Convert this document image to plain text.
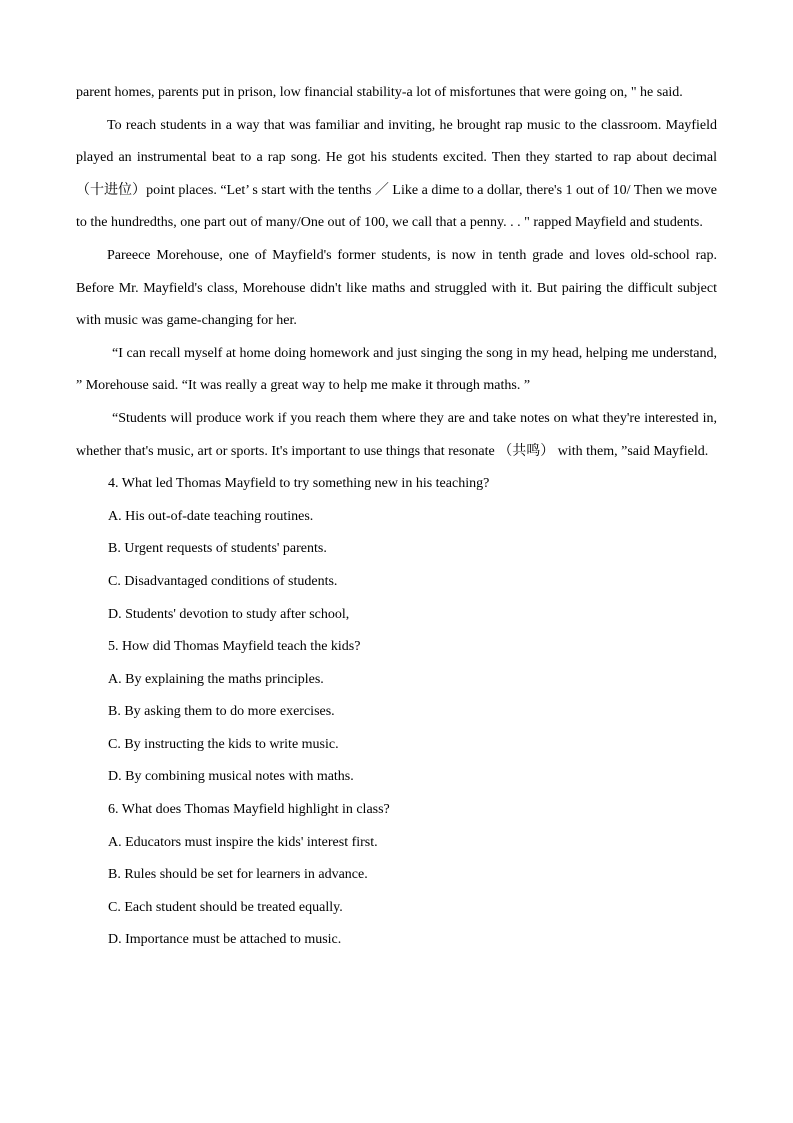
parent homes, parents put in prison, low financial stability-a lot of misfortunes that were going on, " he said.

To reach students in a way that was familiar and inviting, he brought rap music to the classroom. Mayfield played an instrumental beat to a rap song. He got his students excited. Then they started to rap about decimal （十进位）point places. “Let’ s start with the tenths ／ Like a dime to a dollar, there's 1 out of 10/ Then we move to the hundredths, one part out of many/One out of 100, we call that a penny. . . " rapped Mayfield and students.

Pareece Morehouse, one of Mayfield's former students, is now in tenth grade and loves old-school rap. Before Mr. Mayfield's class, Morehouse didn't like maths and struggled with it. But pairing the difficult subject with music was game-changing for her.

“I can recall myself at home doing homework and just singing the song in my head, helping me understand, ” Morehouse said. “It was really a great way to help me make it through maths. ”

“Students will produce work if you reach them where they are and take notes on what they're interested in, whether that's music, art or sports. It's important to use things that resonate （共鸣） with them, ”said Mayfield.

4. What led Thomas Mayfield to try something new in his teaching?

A. His out-of-date teaching routines.

B. Urgent requests of students' parents.

C. Disadvantaged conditions of students.

D. Students' devotion to study after school,

5. How did Thomas Mayfield teach the kids?

A. By explaining the maths principles.

B. By asking them to do more exercises.

C. By instructing the kids to write music.

D. By combining musical notes with maths.

6. What does Thomas Mayfield highlight in class?

A. Educators must inspire the kids' interest first.

B. Rules should be set for learners in advance.

C. Each student should be treated equally.

D. Importance must be attached to music.
